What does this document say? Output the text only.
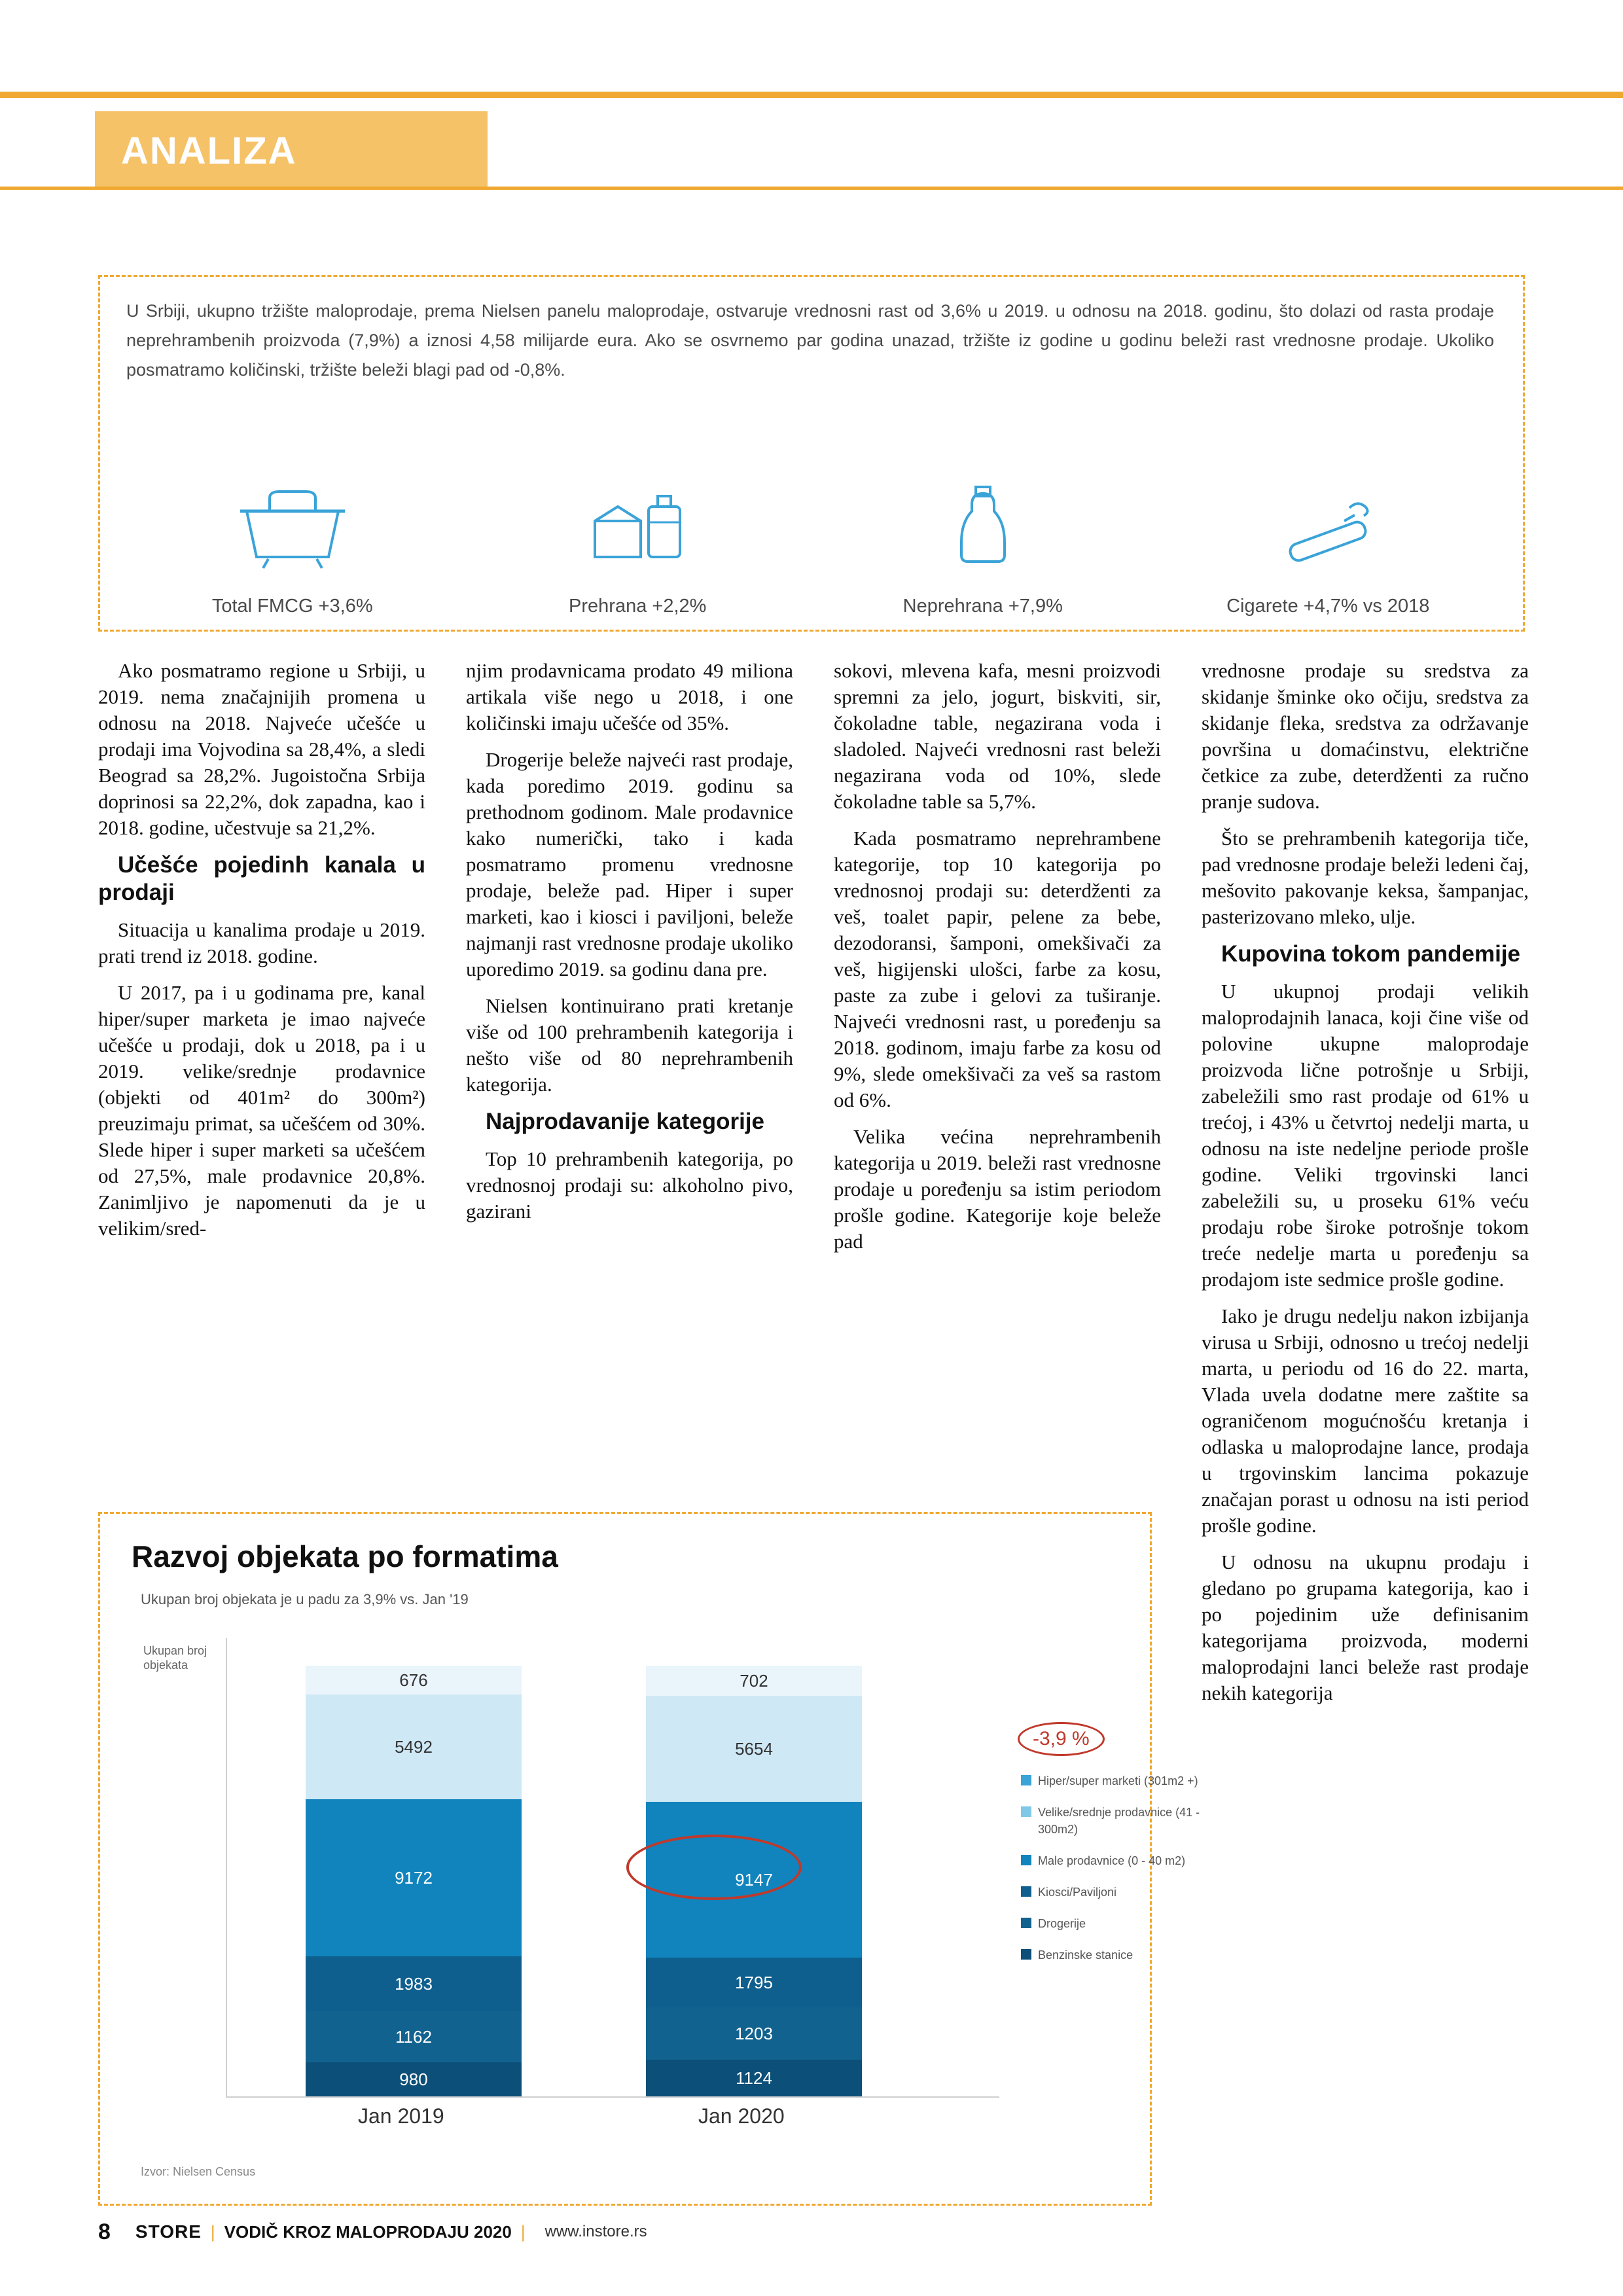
ANALIZA
U Srbiji, ukupno tržište maloprodaje, prema Nielsen panelu maloprodaje, ostvaruje vrednosni rast od 3,6% u 2019. u odnosu na 2018. godinu, što dolazi od rasta prodaje neprehrambenih proizvoda (7,9%) a iznosi 4,58 milijarde eura. Ako se osvrnemo par godina unazad, tržište iz godine u godinu beleži rast vrednosne prodaje. Ukoliko posmatramo količinski, tržište beleži blagi pad od -0,8%.
Total FMCG +3,6%	Prehrana +2,2%	Neprehrana +7,9%	Cigarete +4,7% vs 2018

Ako posmatramo regione u Srbiji, u 2019. nema značajnijih promena u odnosu na 2018. Najveće učešće u prodaji ima Vojvodina sa 28,4%, a sledi Beograd sa 28,2%. Jugoistočna Srbija doprinosi sa 22,2%, dok zapadna, kao i 2018. godine, učestvuje sa 21,2%.

Učešće pojedinh kanala u prodaji

Situacija u kanalima prodaje u 2019. prati trend iz 2018. godine.

U 2017, pa i u godinama pre, kanal hiper/super marketa je imao najveće učešće u prodaji, dok u 2018, pa i u 2019. velike/srednje prodavnice (objekti od 401m² do 300m²) preuzimaju primat, sa učešćem od 30%. Slede hiper i super marketi sa učešćem od 27,5%, male prodavnice 20,8%. Zanimljivo je napomenuti da je u velikim/sred-

njim prodavnicama prodato 49 miliona artikala više nego u 2018, i one količinski imaju učešće od 35%.

Drogerije beleže najveći rast prodaje, kada poredimo 2019. godinu sa prethodnom godinom. Male prodavnice kako numerički, tako i kada posmatramo promenu vrednosne prodaje, beleže pad. Hiper i super marketi, kao i kiosci i paviljoni, beleže najmanji rast vrednosne prodaje ukoliko uporedimo 2019. sa godinu dana pre.

Nielsen kontinuirano prati kretanje više od 100 prehrambenih kategorija i nešto više od 80 neprehrambenih kategorija.

Najprodavanije kategorije

Top 10 prehrambenih kategorija, po vrednosnoj prodaji su: alkoholno pivo, gazirani

sokovi, mlevena kafa, mesni proizvodi spremni za jelo, jogurt, biskviti, sir, čokoladne table, negazirana voda i sladoled. Najveći vrednosni rast beleži negazirana voda od 10%, slede čokoladne table sa 5,7%.

Kada posmatramo neprehrambene kategorije, top 10 kategorija po vrednosnoj prodaji su: deterdženti za veš, toalet papir, pelene za bebe, dezodoransi, šamponi, omekšivači za veš, higijenski ulošci, farbe za kosu, paste za zube i gelovi za tuširanje. Najveći vrednosni rast, u poređenju sa 2018. godinom, imaju farbe za kosu od 9%, slede omekšivači za veš sa rastom od 6%.

Velika većina neprehrambenih kategorija u 2019. beleži rast vrednosne prodaje u poređenju sa istim periodom prošle godine. Kategorije koje beleže pad

vrednosne prodaje su sredstva za skidanje šminke oko očiju, sredstva za skidanje fleka, sredstva za održavanje površina u domaćinstvu, električne četkice za zube, deterdženti za ručno pranje sudova.

Što se prehrambenih kategorija tiče, pad vrednosne prodaje beleži ledeni čaj, mešovito pakovanje keksa, šampanjac, pasterizovano mleko, ulje.

Kupovina tokom pandemije

U ukupnoj prodaji velikih maloprodajnih lanaca, koji čine više od polovine ukupne maloprodaje proizvoda lične potrošnje u Srbiji, zabeležili smo rast prodaje od 61% u trećoj, i 43% u četvrtoj nedelji marta, u odnosu na iste nedeljne periode prošle godine. Veliki trgovinski lanci zabeležili su, u proseku 61% veću prodaju robe široke potrošnje tokom treće nedelje marta u poređenju sa prodajom iste sedmice prošle godine.

Iako je drugu nedelju nakon izbijanja virusa u Srbiji, odnosno u trećoj nedelji marta, u periodu od 16 do 22. marta, Vlada uvela dodatne mere zaštite sa ograničenom mogućnošću kretanja i odlaska u maloprodajne lance, prodaja u trgovinskim lancima pokazuje značajan porast u odnosu na isti period prošle godine.

U odnosu na ukupnu prodaju i gledano po grupama kategorija, kao i po pojedinim uže definisanim kategorijama proizvoda, moderni maloprodajni lanci beleže rast prodaje nekih kategorija

Razvoj objekata po formatima
Ukupan broj objekata je u padu za 3,9% vs. Jan '19
Ukupan broj objekata
980
1162
1983
9172
5492
676
1124
1203
1795
9147
5654
702
Jan 2019	Jan 2020
-3,9 %
Hiper/super marketi (301m2 +)
Velike/srednje prodavnice (41 - 300m2)
Male prodavnice (0 - 40 m2)
Kiosci/Paviljoni
Drogerije
Benzinske stanice
Izvor: Nielsen Census
8 STORE | VODIČ KROZ MALOPRODAJU 2020 | www.instore.rs
